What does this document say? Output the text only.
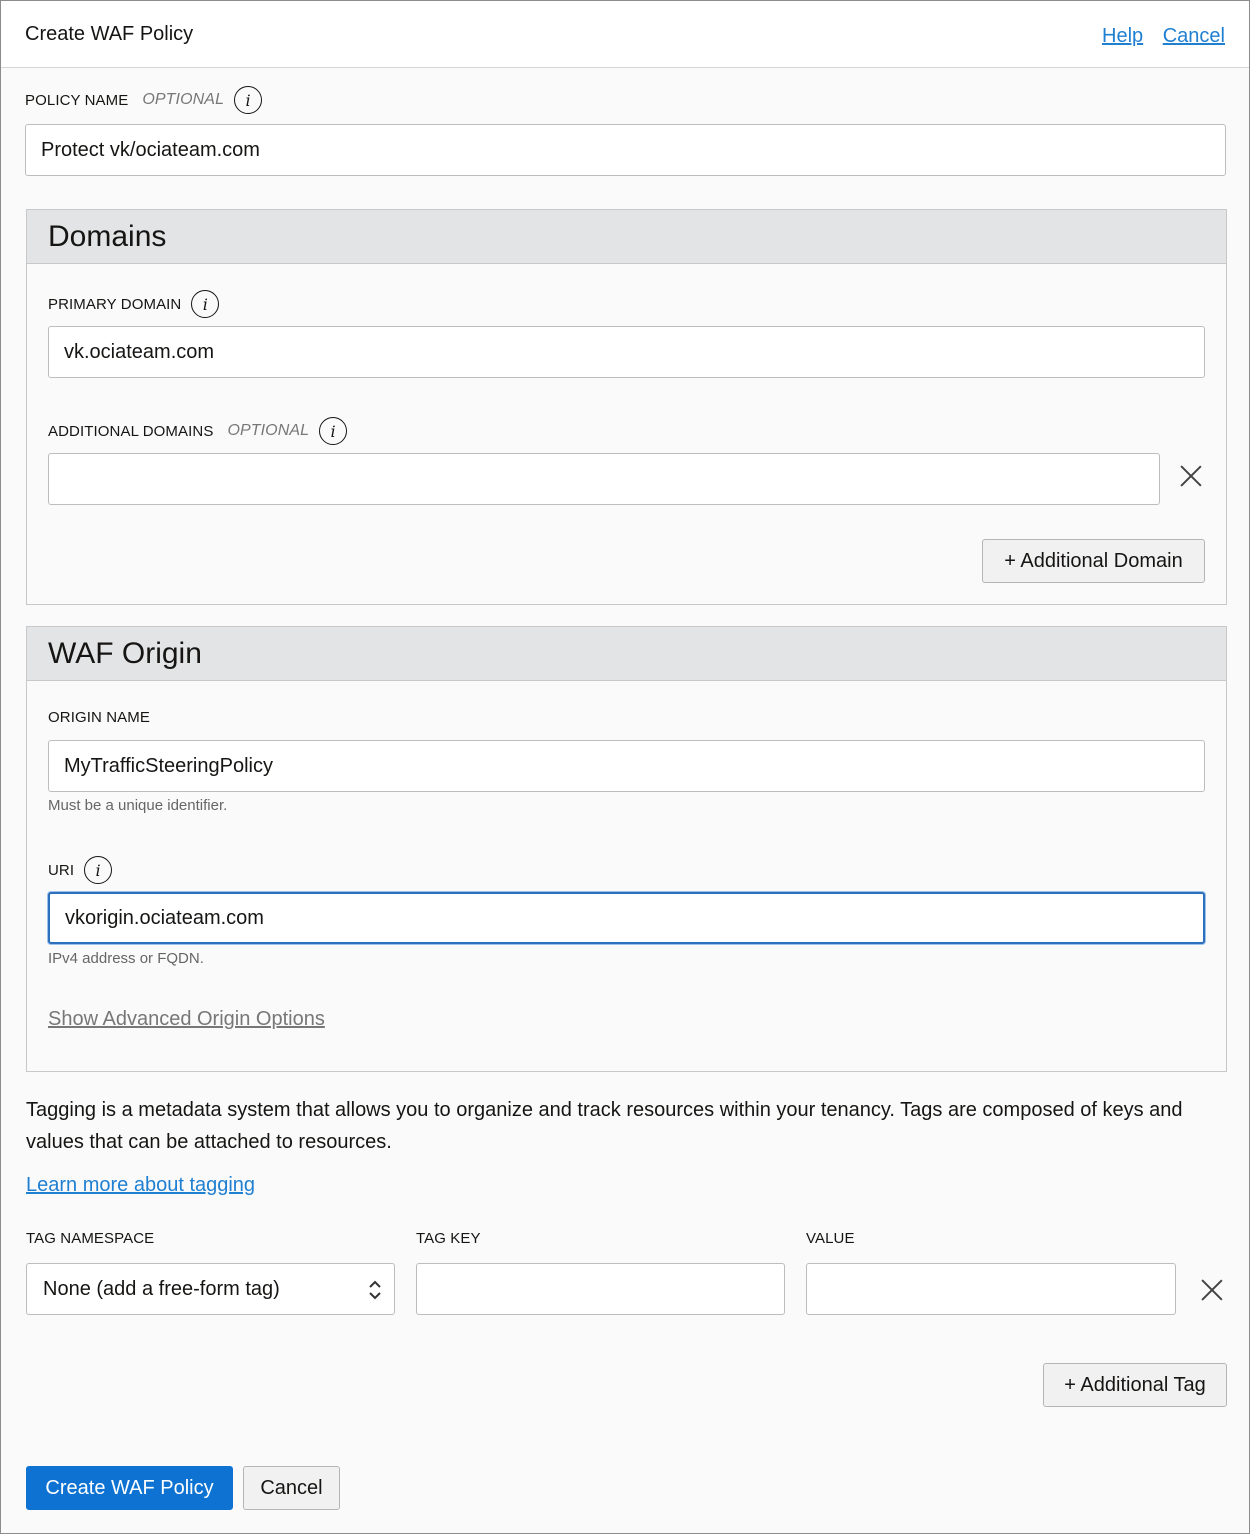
Create WAF Policy	Help Cancel
POLICY NAME OPTIONAL	i
Protect vk/ociateam.com
Domains
PRIMARY DOMAIN	i
vk.ociateam.com
ADDITIONAL DOMAINS OPTIONAL	i
+ Additional Domain
WAF Origin
ORIGIN NAME
MyTrafficSteeringPolicy
Must be a unique identifier.
URI	i
vkorigin.ociateam.com
IPv4 address or FQDN.
Show Advanced Origin Options
Tagging is a metadata system that allows you to organize and track resources within your tenancy. Tags are composed of keys and values that can be attached to resources.
Learn more about tagging
TAG NAMESPACE	TAG KEY	VALUE
None (add a free-form tag)
+ Additional Tag
Create WAF Policy	Cancel
